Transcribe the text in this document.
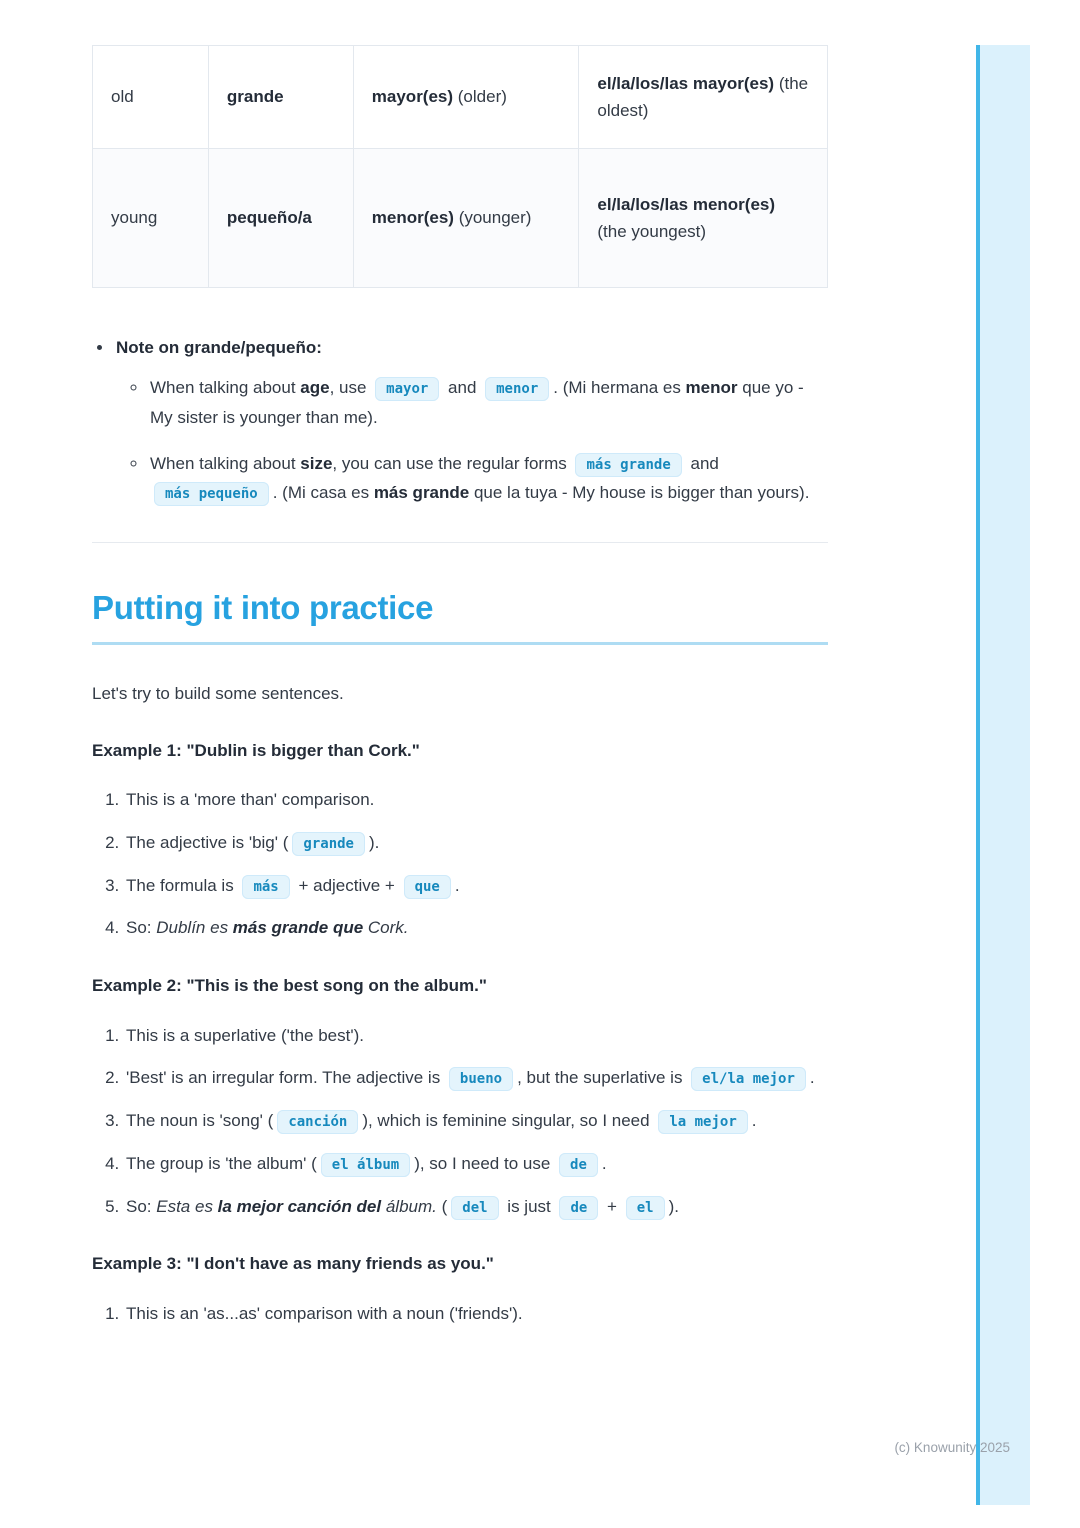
old	grande	mayor(es) (older)	el/la/los/las mayor(es) (the oldest)
young	pequeño/a	menor(es) (younger)	el/la/los/las menor(es) (the youngest)
• Note on grande/pequeño:
◦ When talking about age, use mayor and menor . (Mi hermana es menor que yo - My sister is younger than me).
◦ When talking about size, you can use the regular forms más grande and más pequeño . (Mi casa es más grande que la tuya - My house is bigger than yours).
Putting it into practice

Let's try to build some sentences.

Example 1: "Dublin is bigger than Cork."

1. This is a 'more than' comparison.
2. The adjective is 'big' ( grande ).
3. The formula is más + adjective + que .
4. So: Dublín es más grande que Cork.

Example 2: "This is the best song on the album."

1. This is a superlative ('the best').
2. 'Best' is an irregular form. The adjective is bueno , but the superlative is el/la mejor .
3. The noun is 'song' ( canción ), which is feminine singular, so I need la mejor .
4. The group is 'the album' ( el álbum ), so I need to use de .
5. So: Esta es la mejor canción del álbum. ( del is just de + el ).

Example 3: "I don't have as many friends as you."

1. This is an 'as...as' comparison with a noun ('friends').
(c) Knowunity 2025
